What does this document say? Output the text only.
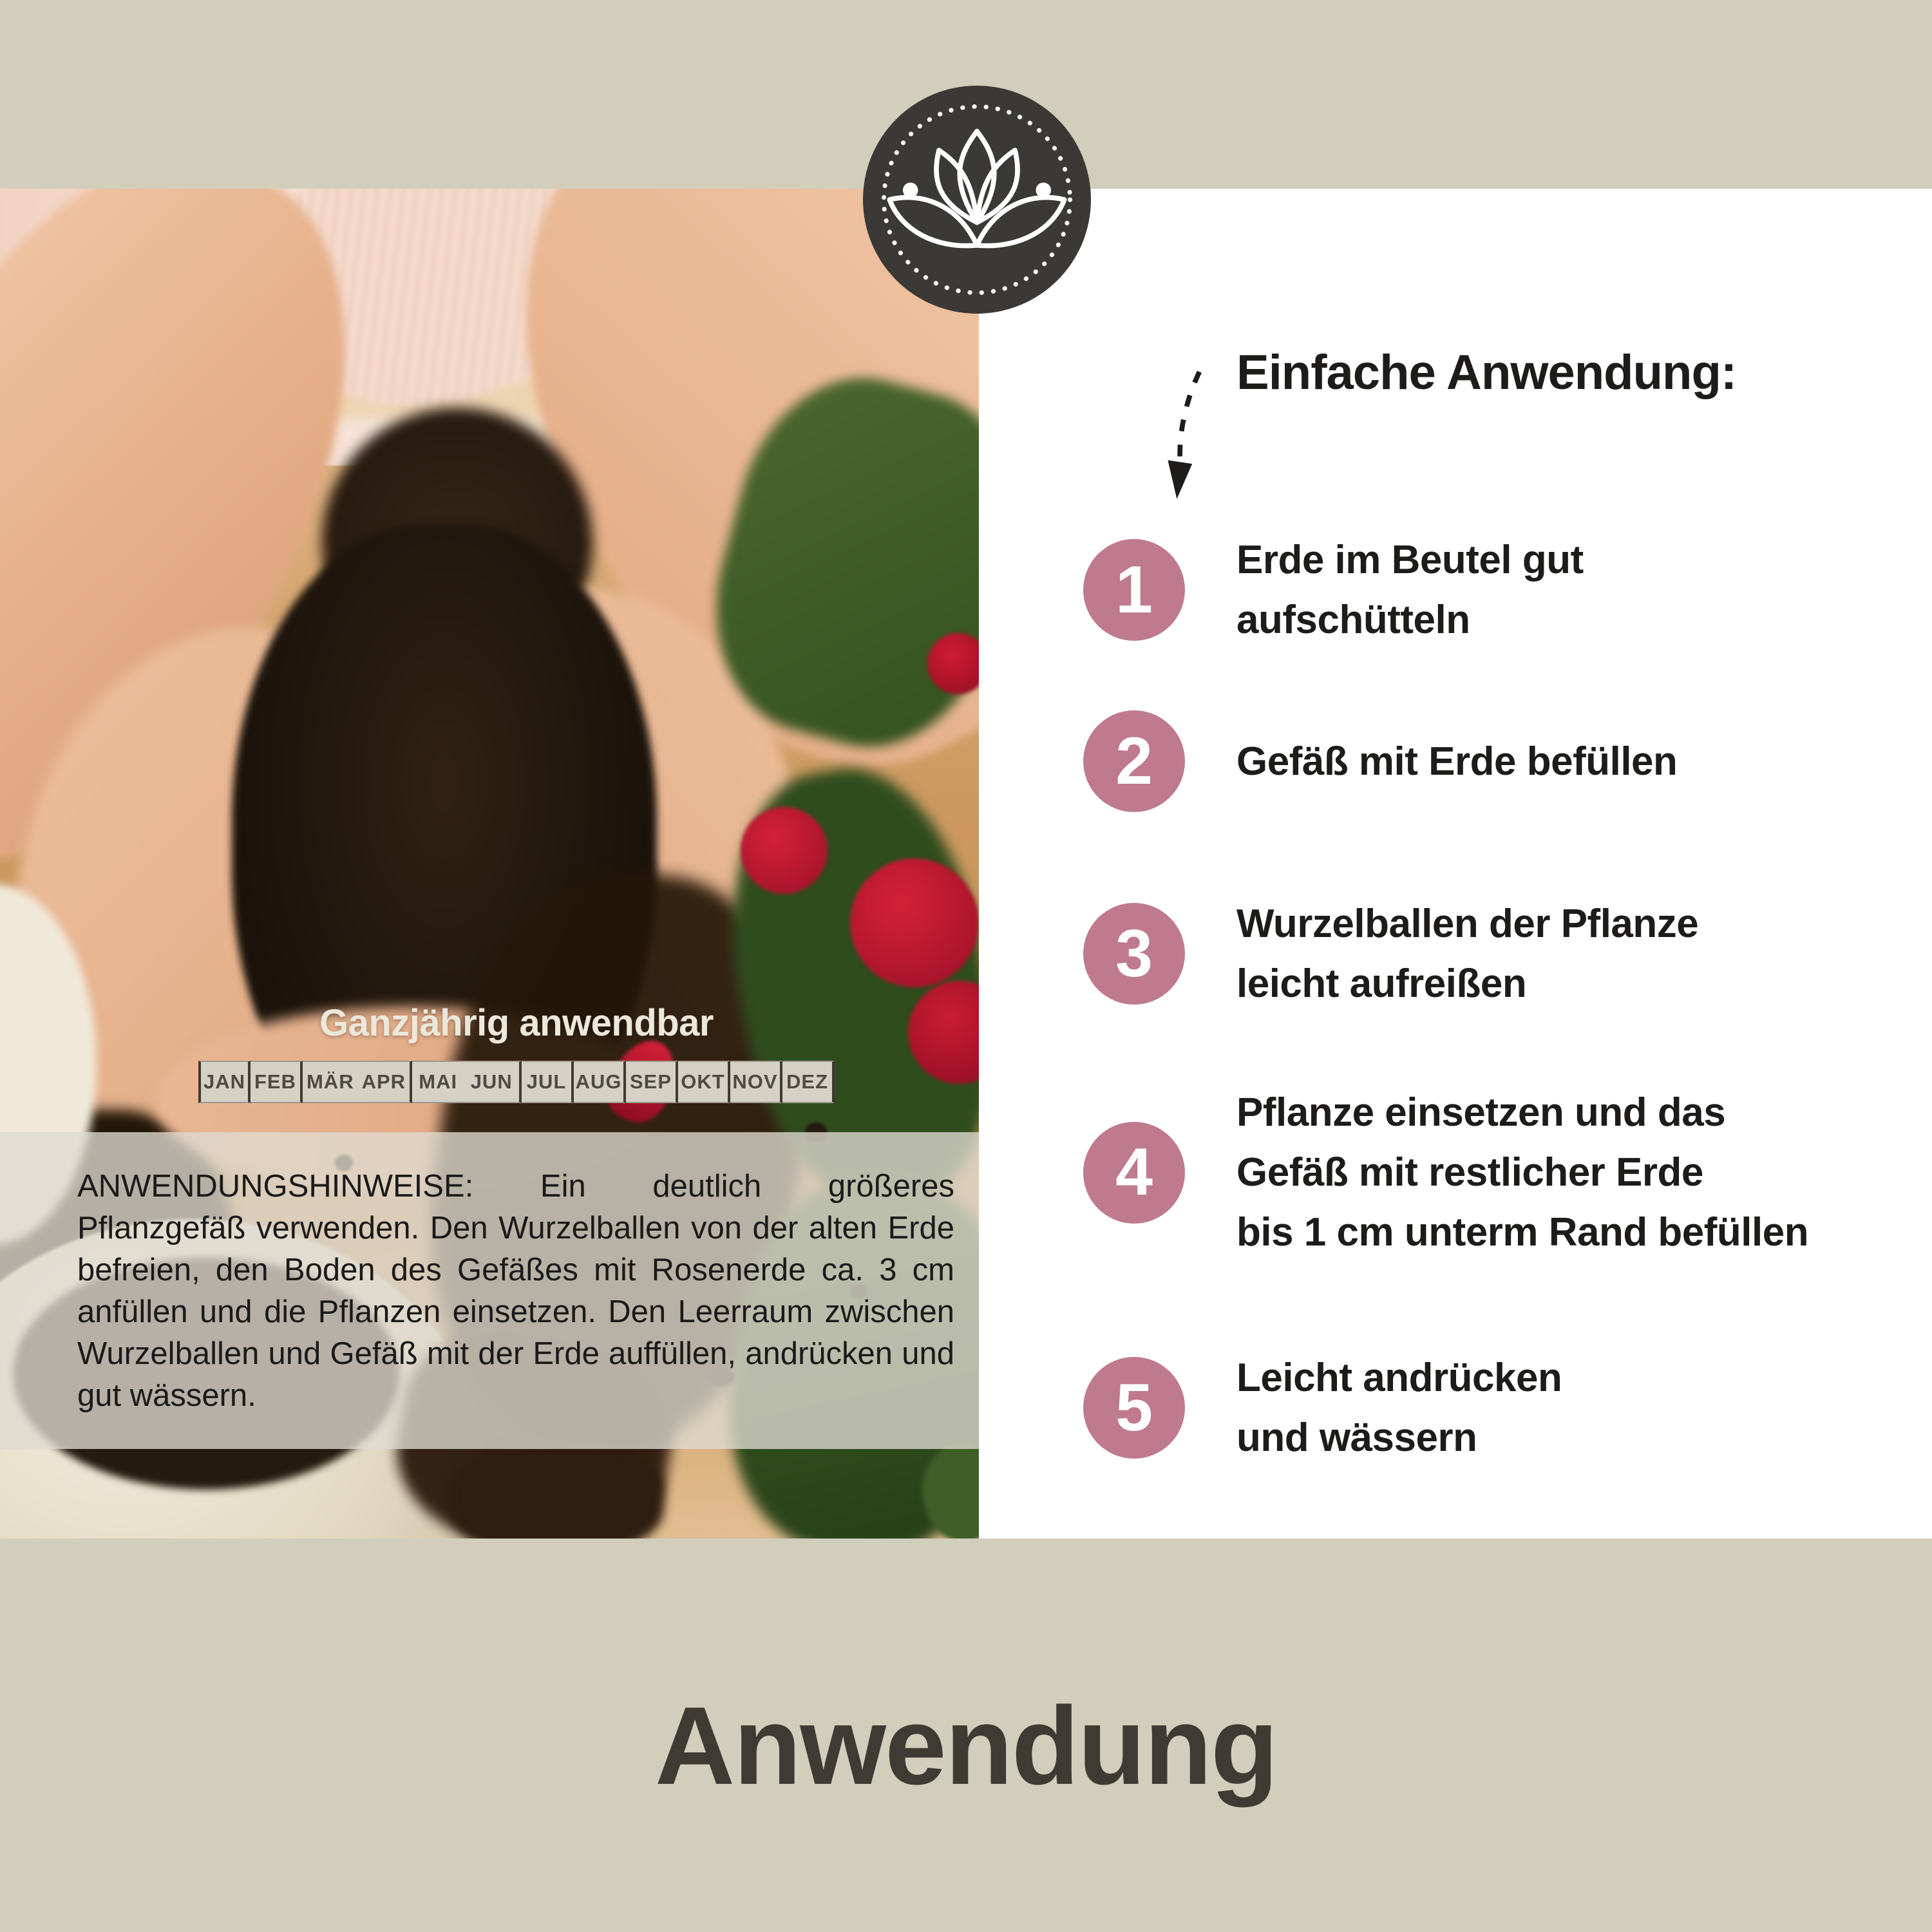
Ganzjährig anwendbar
JAN FEB MÄR APR MAI JUN JUL AUG SEP OKT NOV DEZ

ANWENDUNGSHINWEISE: Ein deutlich größeres Pflanzgefäß verwenden. Den Wurzelballen von der alten Erde befreien, den Boden des Gefäßes mit Rosenerde ca. 3 cm anfüllen und die Pflanzen einsetzen. Den Leerraum zwischen Wurzelballen und Gefäß mit der Erde auffüllen, andrücken und gut wässern.

Einfache Anwendung:
1	Erde im Beutel gut
aufschütteln
2	Gefäß mit Erde befüllen
3	Wurzelballen der Pflanze
leicht aufreißen
4
Pflanze einsetzen und das
Gefäß mit restlicher Erde
bis 1 cm unterm Rand befüllen
5	Leicht andrücken
und wässern
Anwendung
